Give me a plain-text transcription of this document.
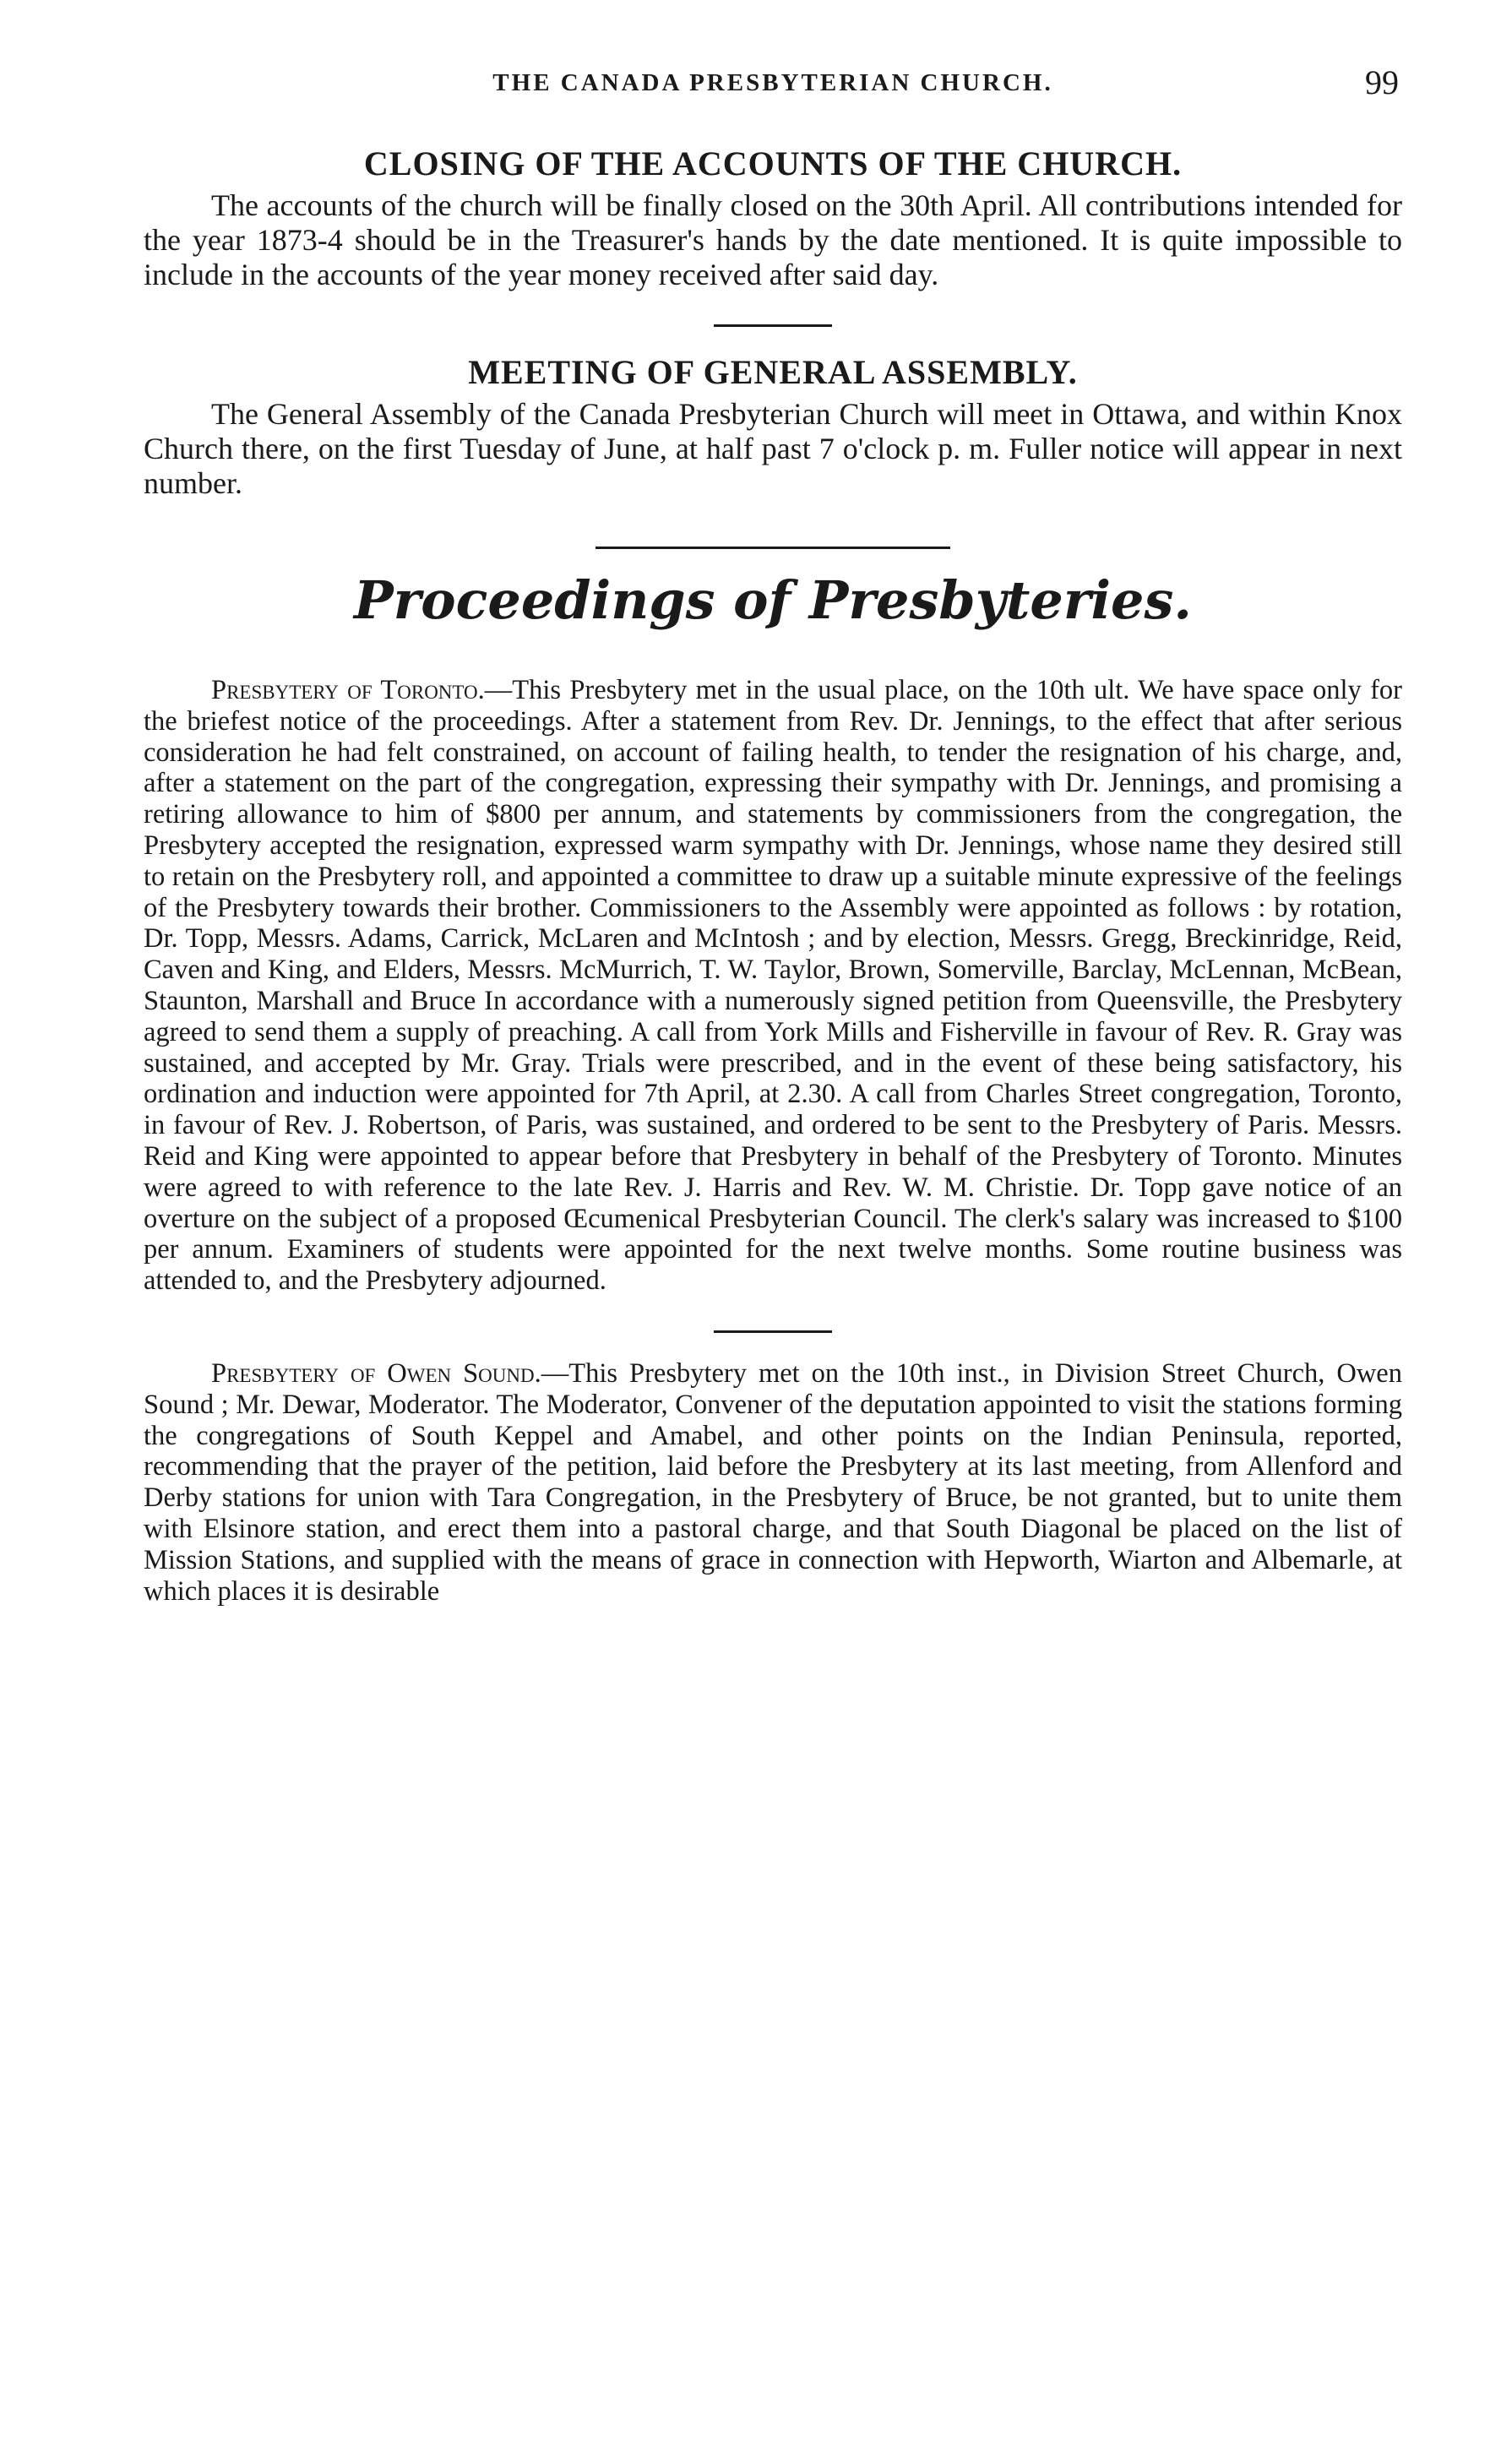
THE CANADA PRESBYTERIAN CHURCH.	99
CLOSING OF THE ACCOUNTS OF THE CHURCH.

The accounts of the church will be finally closed on the 30th April. All contributions intended for the year 1873-4 should be in the Treasurer's hands by the date mentioned. It is quite impossible to include in the accounts of the year money received after said day.

MEETING OF GENERAL ASSEMBLY.

The General Assembly of the Canada Presbyterian Church will meet in Ottawa, and within Knox Church there, on the first Tuesday of June, at half past 7 o'clock p. m. Fuller notice will appear in next number.

Proceedings of Presbyteries.

Presbytery of Toronto.—This Presbytery met in the usual place, on the 10th ult. We have space only for the briefest notice of the proceedings. After a statement from Rev. Dr. Jennings, to the effect that after serious consideration he had felt constrained, on account of failing health, to tender the resignation of his charge, and, after a statement on the part of the congregation, expressing their sympathy with Dr. Jennings, and promising a retiring allowance to him of $800 per annum, and statements by commissioners from the congregation, the Presbytery accepted the resignation, expressed warm sympathy with Dr. Jennings, whose name they desired still to retain on the Presbytery roll, and appointed a committee to draw up a suitable minute expressive of the feelings of the Presbytery towards their brother. Commissioners to the Assembly were appointed as follows : by rotation, Dr. Topp, Messrs. Adams, Carrick, McLaren and McIntosh ; and by election, Messrs. Gregg, Breckinridge, Reid, Caven and King, and Elders, Messrs. McMurrich, T. W. Taylor, Brown, Somerville, Barclay, McLennan, McBean, Staunton, Marshall and Bruce In accordance with a numerously signed petition from Queensville, the Presbytery agreed to send them a supply of preaching. A call from York Mills and Fisherville in favour of Rev. R. Gray was sustained, and accepted by Mr. Gray. Trials were prescribed, and in the event of these being satisfactory, his ordination and induction were appointed for 7th April, at 2.30. A call from Charles Street congregation, Toronto, in favour of Rev. J. Robertson, of Paris, was sustained, and ordered to be sent to the Presbytery of Paris. Messrs. Reid and King were appointed to appear before that Presbytery in behalf of the Presbytery of Toronto. Minutes were agreed to with reference to the late Rev. J. Harris and Rev. W. M. Christie. Dr. Topp gave notice of an overture on the subject of a proposed Œcumenical Presbyterian Council. The clerk's salary was increased to $100 per annum. Examiners of students were appointed for the next twelve months. Some routine business was attended to, and the Presbytery adjourned.

Presbytery of Owen Sound.—This Presbytery met on the 10th inst., in Division Street Church, Owen Sound ; Mr. Dewar, Moderator. The Moderator, Convener of the deputation appointed to visit the stations forming the congregations of South Keppel and Amabel, and other points on the Indian Peninsula, reported, recommending that the prayer of the petition, laid before the Presbytery at its last meeting, from Allenford and Derby stations for union with Tara Congregation, in the Presbytery of Bruce, be not granted, but to unite them with Elsinore station, and erect them into a pastoral charge, and that South Diagonal be placed on the list of Mission Stations, and supplied with the means of grace in connection with Hepworth, Wiarton and Albemarle, at which places it is desirable
